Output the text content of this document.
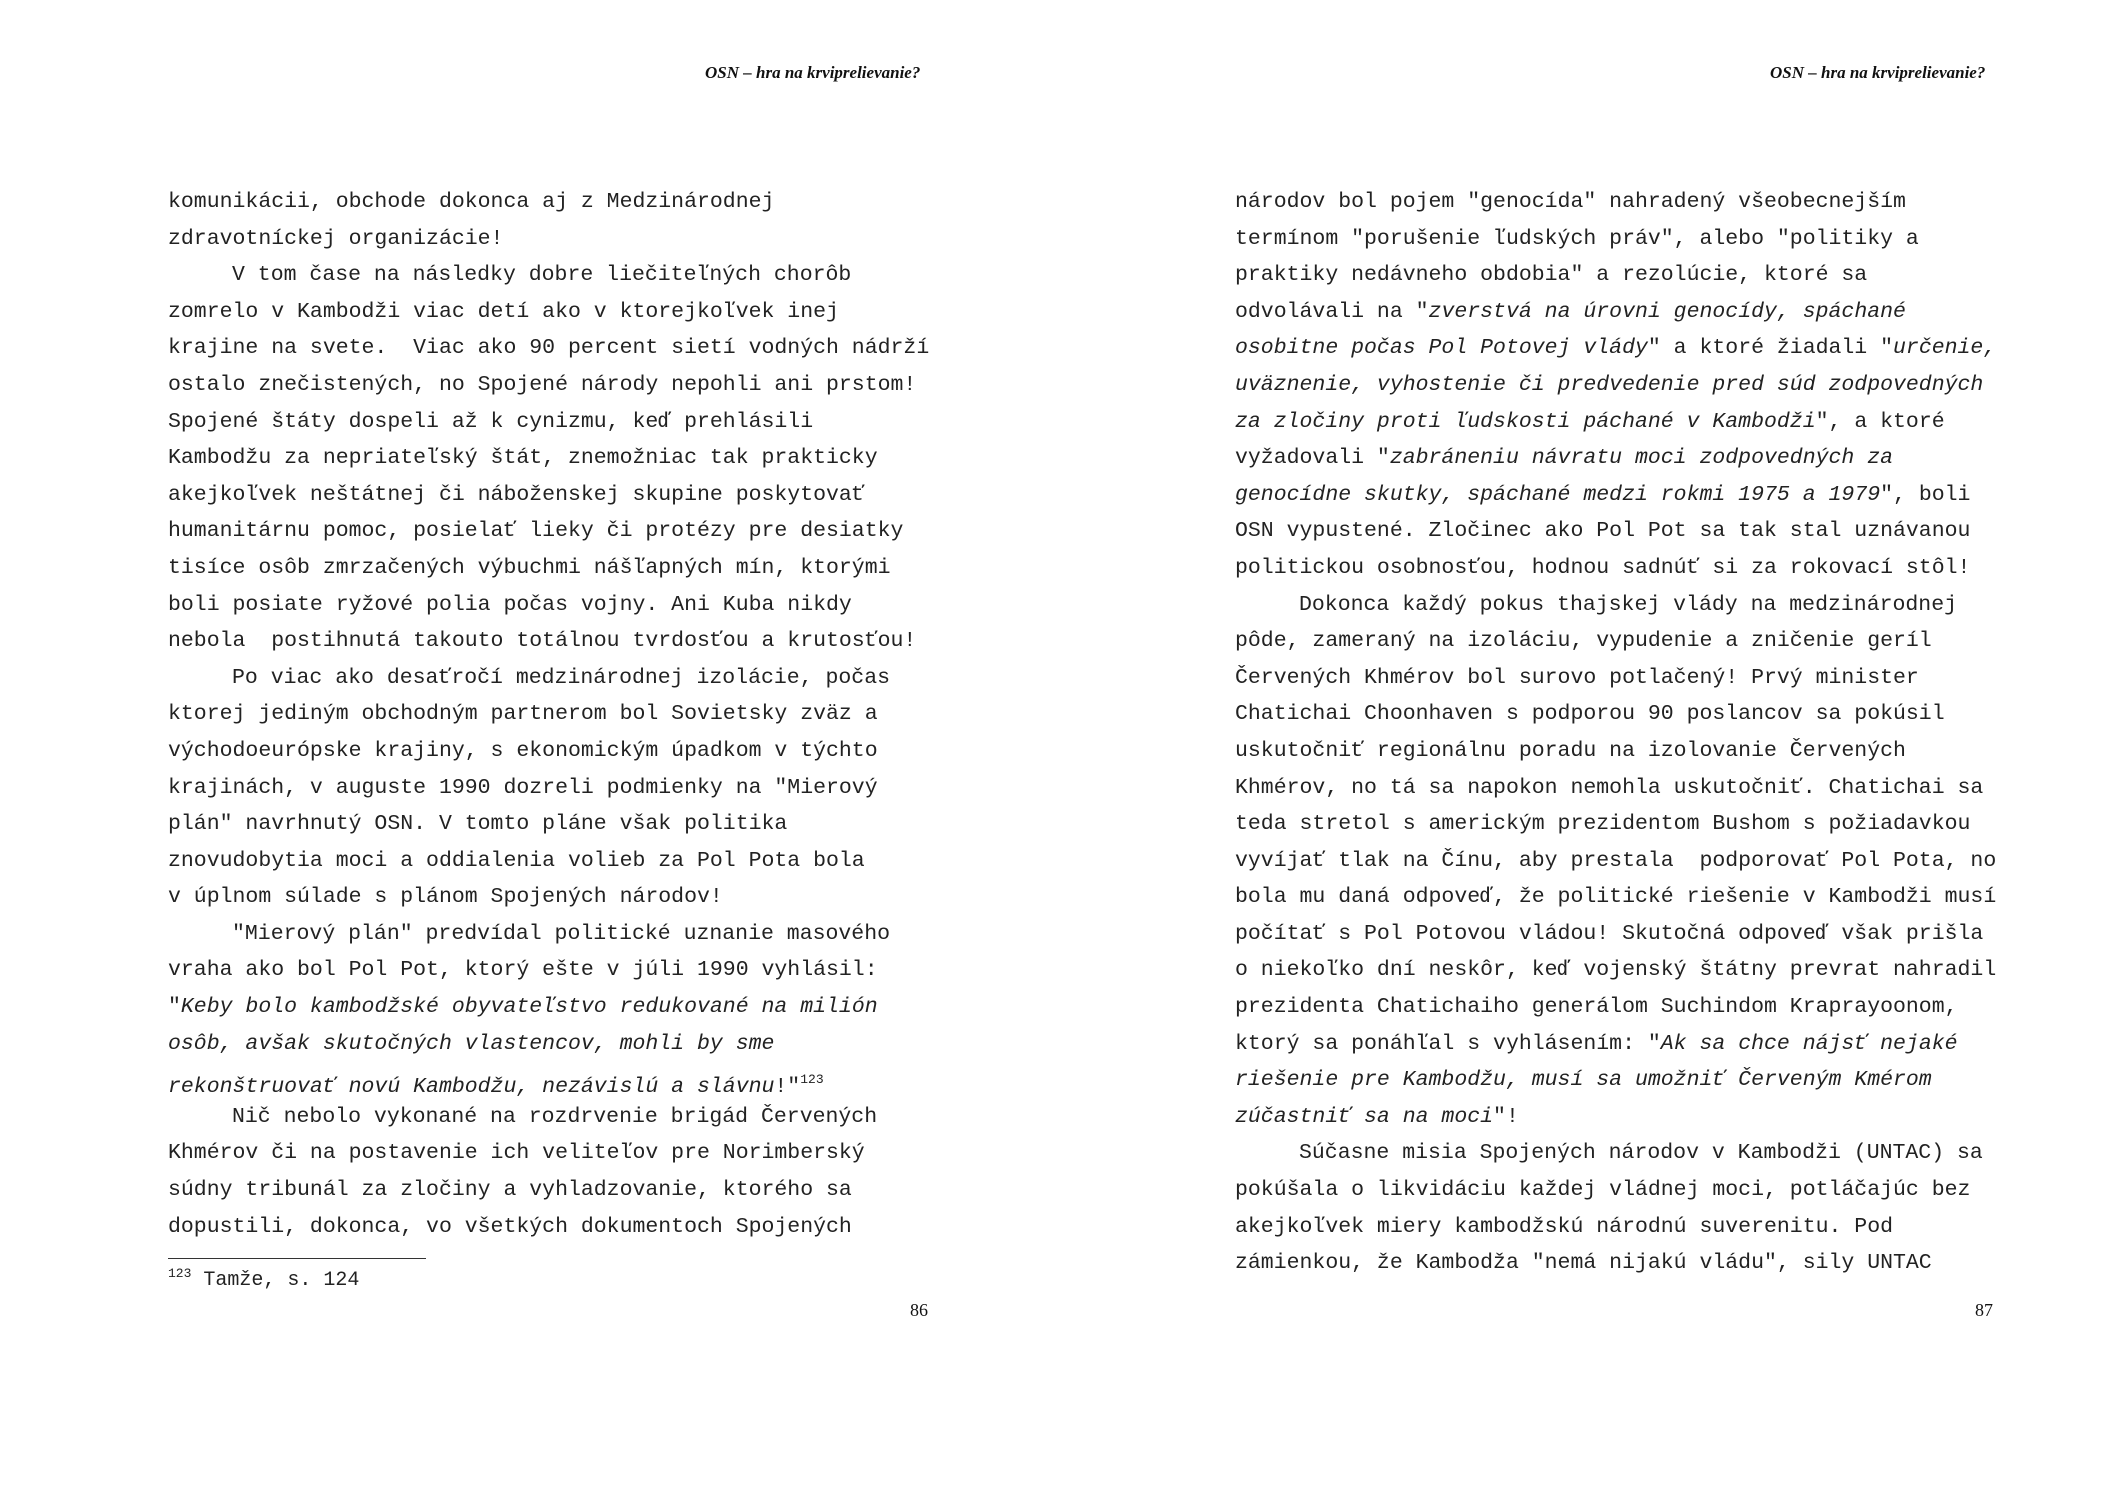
OSN – hra na krviprelievanie?
komunikácii, obchode dokonca aj z Medzinárodnej
zdravotníckej organizácie!
V tom čase na následky dobre liečiteľných chorôb
zomrelo v Kambodži viac detí ako v ktorejkoľvek inej
krajine na svete.  Viac ako 90 percent sietí vodných nádrží
ostalo znečistených, no Spojené národy nepohli ani prstom!
Spojené štáty dospeli až k cynizmu, keď prehlásili
Kambodžu za nepriateľský štát, znemožniac tak prakticky
akejkoľvek neštátnej či náboženskej skupine poskytovať
humanitárnu pomoc, posielať lieky či protézy pre desiatky
tisíce osôb zmrzačených výbuchmi nášľapných mín, ktorými
boli posiate ryžové polia počas vojny. Ani Kuba nikdy
nebola  postihnutá takouto totálnou tvrdosťou a krutosťou!
Po viac ako desaťročí medzinárodnej izolácie, počas
ktorej jediným obchodným partnerom bol Sovietsky zväz a
východoeurópske krajiny, s ekonomickým úpadkom v týchto
krajinách, v auguste 1990 dozreli podmienky na "Mierový
plán" navrhnutý OSN. V tomto pláne však politika
znovudobytia moci a oddialenia volieb za Pol Pota bola
v úplnom súlade s plánom Spojených národov!
"Mierový plán" predvídal politické uznanie masového
vraha ako bol Pol Pot, ktorý ešte v júli 1990 vyhlásil:
"Keby bolo kambodžské obyvateľstvo redukované na milión
osôb, avšak skutočných vlastencov, mohli by sme
rekonštruovať novú Kambodžu, nezávislú a slávnu!"$^{123}$
Nič nebolo vykonané na rozdrvenie brigád Červených
Khmérov či na postavenie ich veliteľov pre Norimberský
súdny tribunál za zločiny a vyhladzovanie, ktorého sa
dopustili, dokonca, vo všetkých dokumentoch Spojených
$^{123}$ Tamže, s. 124
86
OSN – hra na krviprelievanie?
národov bol pojem "genocída" nahradený všeobecnejším
termínom "porušenie ľudských práv", alebo "politiky a
praktiky nedávneho obdobia" a rezolúcie, ktoré sa
odvolávali na "zverstvá na úrovni genocídy, spáchané
osobitne počas Pol Potovej vlády" a ktoré žiadali "určenie,
uväznenie, vyhostenie či predvedenie pred súd zodpovedných
za zločiny proti ľudskosti páchané v Kambodži", a ktoré
vyžadovali "zabráneniu návratu moci zodpovedných za
genocídne skutky, spáchané medzi rokmi 1975 a 1979", boli
OSN vypustené. Zločinec ako Pol Pot sa tak stal uznávanou
politickou osobnosťou, hodnou sadnúť si za rokovací stôl!
Dokonca každý pokus thajskej vlády na medzinárodnej
pôde, zameraný na izoláciu, vypudenie a zničenie geríl
Červených Khmérov bol surovo potlačený! Prvý minister
Chatichai Choonhaven s podporou 90 poslancov sa pokúsil
uskutočniť regionálnu poradu na izolovanie Červených
Khmérov, no tá sa napokon nemohla uskutočniť. Chatichai sa
teda stretol s americkým prezidentom Bushom s požiadavkou
vyvíjať tlak na Čínu, aby prestala  podporovať Pol Pota, no
bola mu daná odpoveď, že politické riešenie v Kambodži musí
počítať s Pol Potovou vládou! Skutočná odpoveď však prišla
o niekoľko dní neskôr, keď vojenský štátny prevrat nahradil
prezidenta Chatichaiho generálom Suchindom Kraprayoonom,
ktorý sa ponáhľal s vyhlásením: "Ak sa chce nájsť nejaké
riešenie pre Kambodžu, musí sa umožniť Červeným Kmérom
zúčastniť sa na moci"!
Súčasne misia Spojených národov v Kambodži (UNTAC) sa
pokúšala o likvidáciu každej vládnej moci, potláčajúc bez
akejkoľvek miery kambodžskú národnú suverenitu. Pod
zámienkou, že Kambodža "nemá nijakú vládu", sily UNTAC
87
